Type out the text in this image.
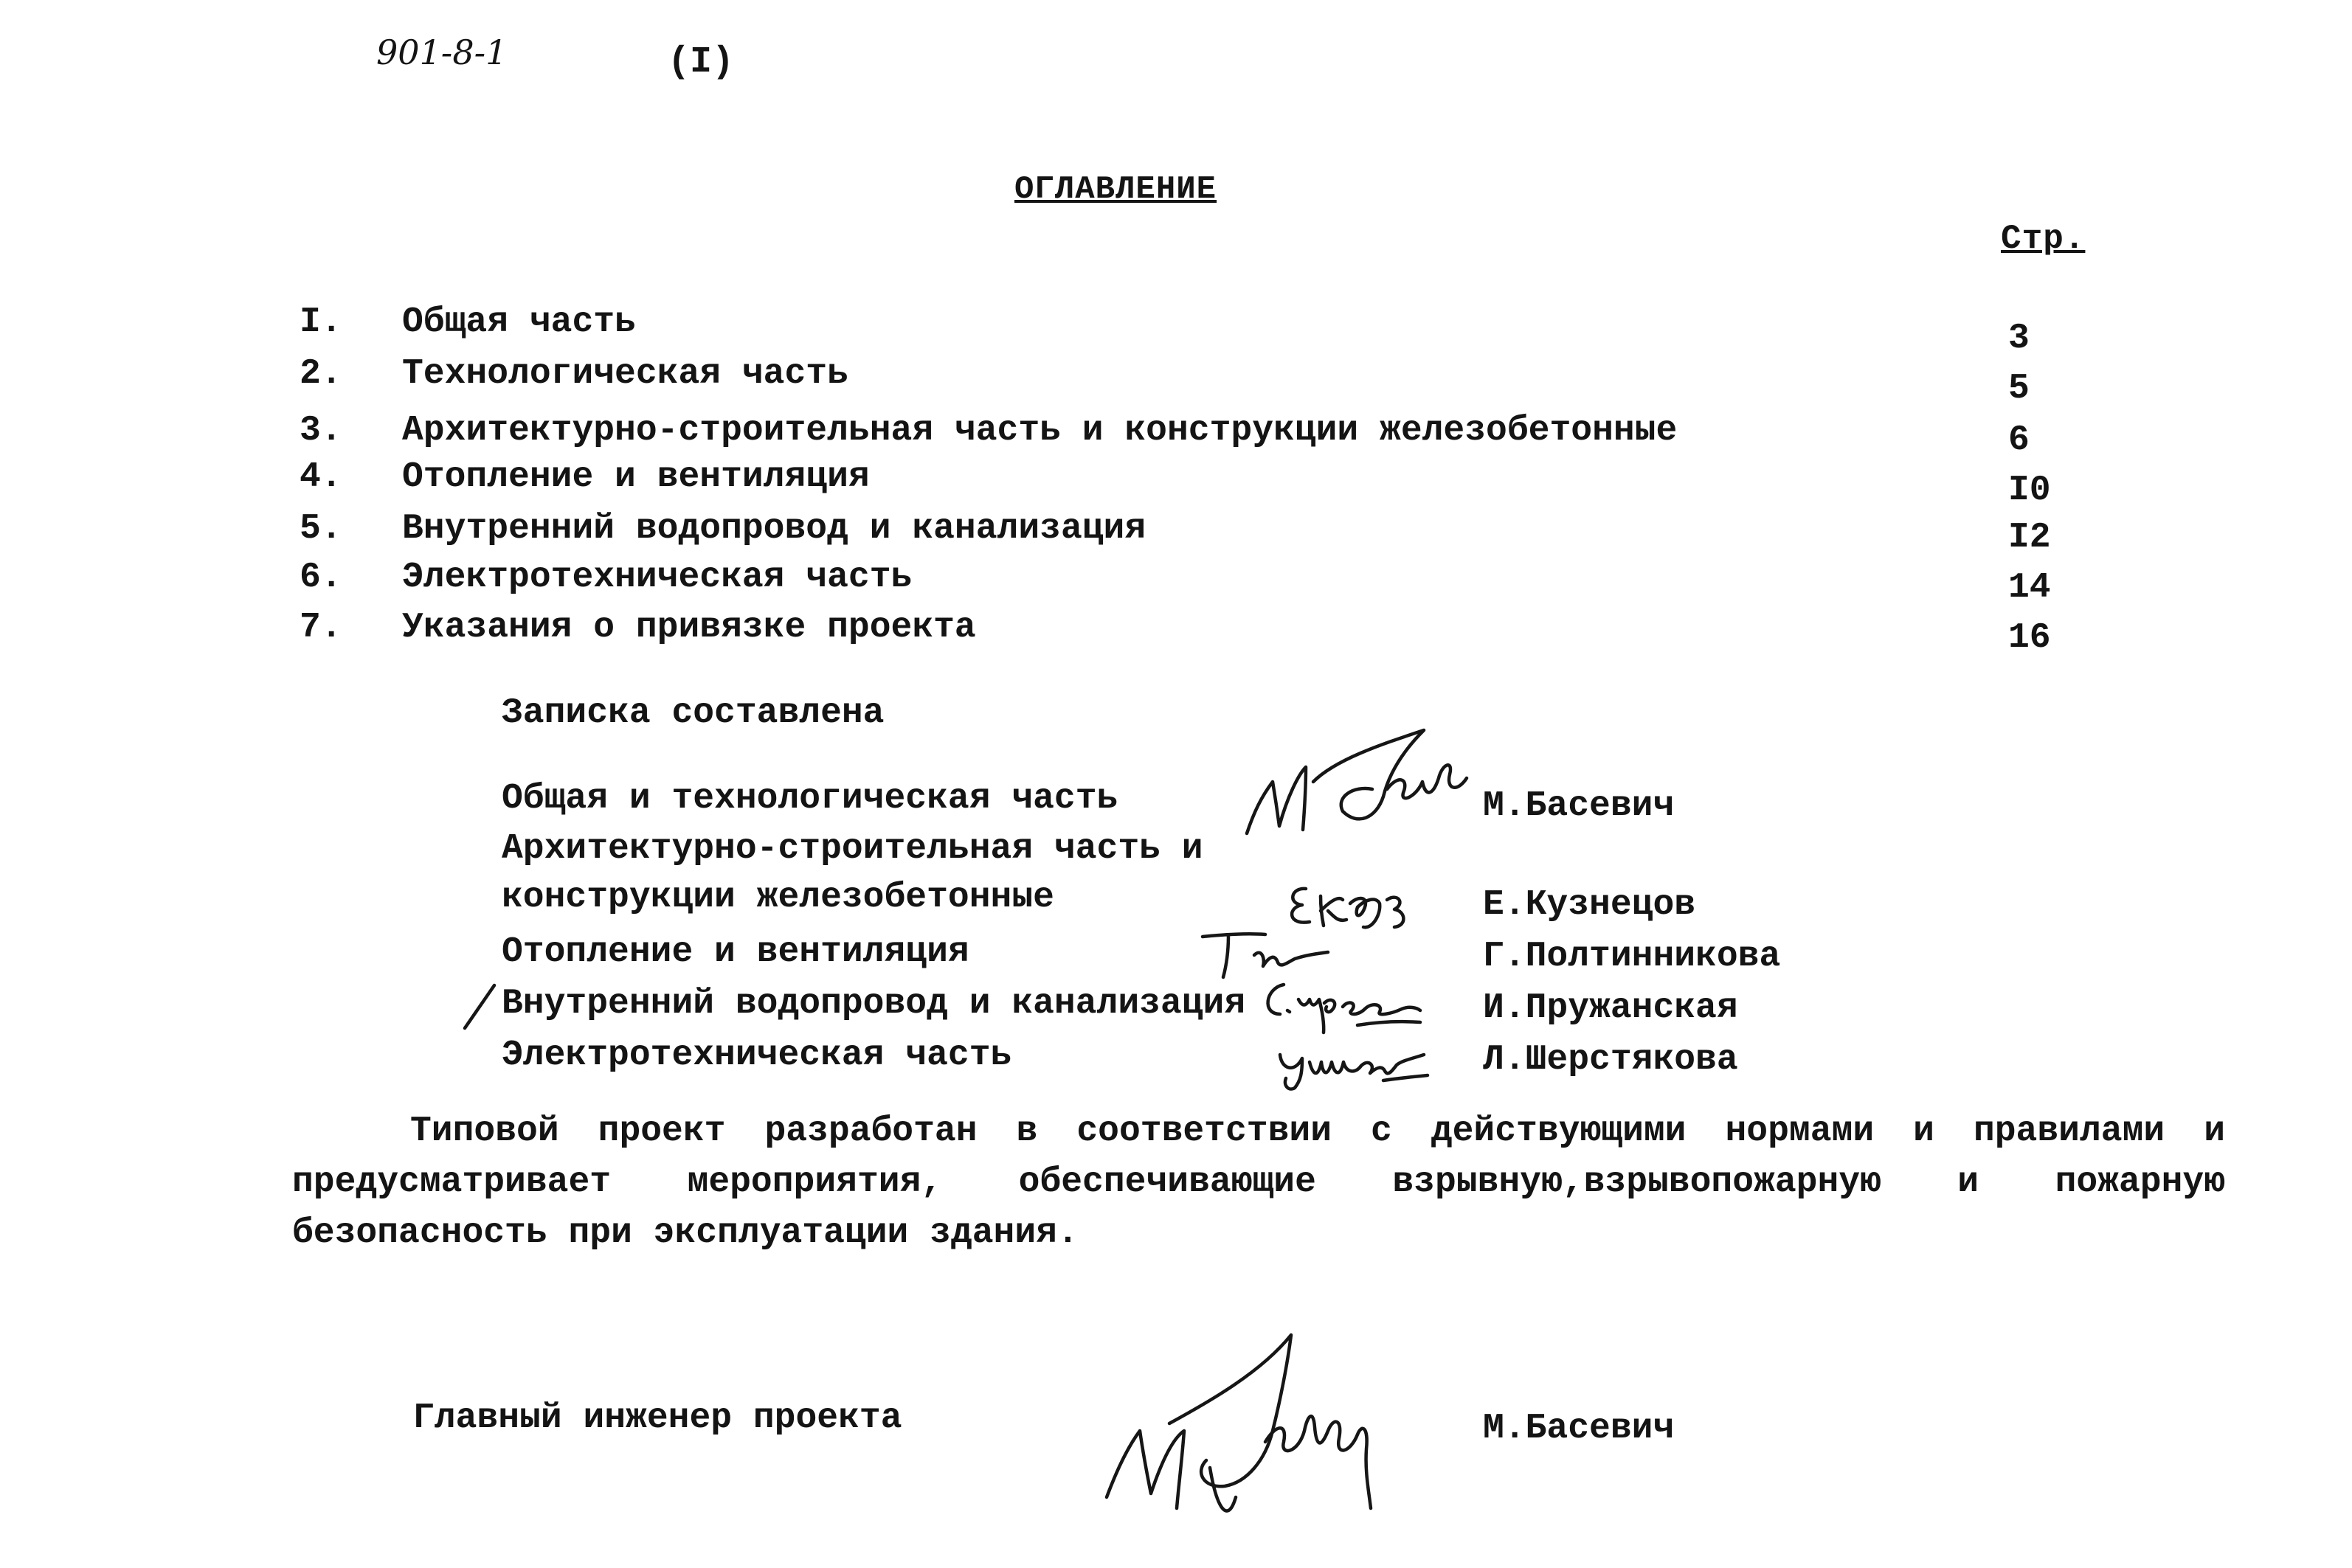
901-8-1	(I)
ОГЛАВЛЕНИЕ
Стр.
I. Общая часть	3
2. Технологическая часть	5
3. Архитектурно-строительная часть и конструкции железобетонные	6
4. Отопление и вентиляция	I0
5. Внутренний водопровод и канализация	I2
6. Электротехническая часть	14
7. Указания о привязке проекта	16
Записка составлена
Общая и технологическая часть	М.Басевич
Архитектурно-строительная часть и
конструкции железобетонные	Е.Кузнецов
Отопление и вентиляция	Г.Полтинникова
Внутренний водопровод и канализация	И.Пружанская
Электротехническая часть	Л.Шерстякова
Типовой проект разработан в соответствии с действующими нормами и правилами и предусматривает мероприятия, обеспечивающие взрывную,взрывопожарную и пожарную безопасность при эксплуатации здания.
Главный инженер проекта	М.Басевич
